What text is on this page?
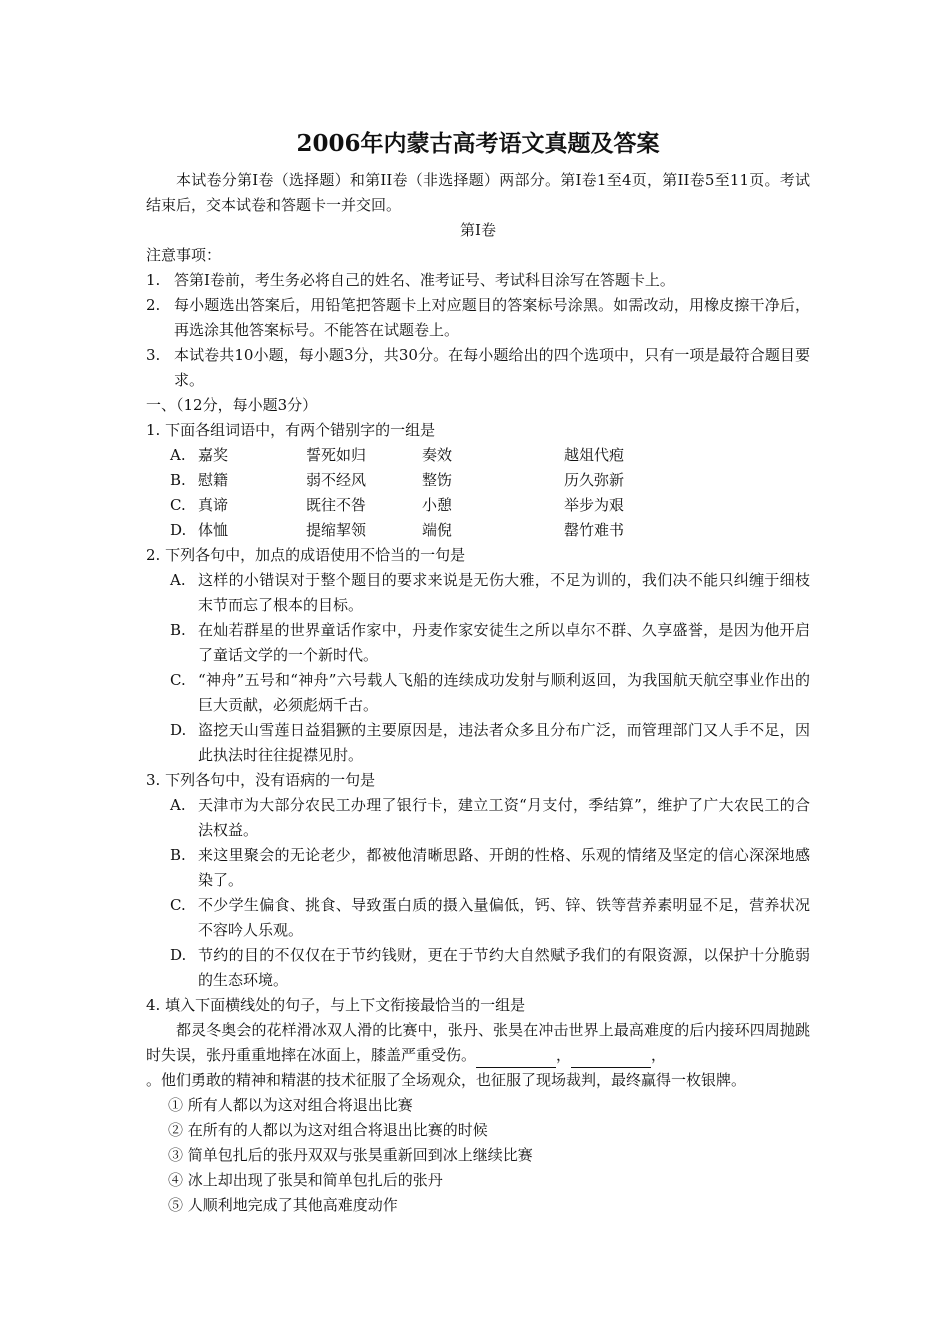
2006年内蒙古高考语文真题及答案

本试卷分第Ⅰ卷（选择题）和第II卷（非选择题）两部分。第Ⅰ卷1至4页，第II卷5至11页。考试结束后，交本试卷和答题卡一并交回。

第Ⅰ卷

注意事项：

1. 答第Ⅰ卷前，考生务必将自己的姓名、准考证号、考试科目涂写在答题卡上。
2. 每小题选出答案后，用铅笔把答题卡上对应题目的答案标号涂黑。如需改动，用橡皮擦干净后，再选涂其他答案标号。不能答在试题卷上。
3. 本试卷共10小题，每小题3分，共30分。在每小题给出的四个选项中，只有一项是最符合题目要求。

一、（12分，每小题3分）

1. 下面各组词语中，有两个错别字的一组是

A. 嘉奖	誓死如归	奏效	越俎代疱
B. 慰籍	弱不经风	整饬	历久弥新
C. 真谛	既往不咎	小憩	举步为艰
D. 体恤	提缩挈领	端倪	罄竹难书

2. 下列各句中，加点的成语使用不恰当的一句是

A. 这样的小错误对于整个题目的要求来说是无伤大雅，不足为训的，我们决不能只纠缠于细枝末节而忘了根本的目标。
B. 在灿若群星的世界童话作家中，丹麦作家安徒生之所以卓尔不群、久享盛誉，是因为他开启了童话文学的一个新时代。
C. “神舟”五号和“神舟”六号载人飞船的连续成功发射与顺利返回，为我国航天航空事业作出的巨大贡献，必须彪炳千古。
D. 盗挖天山雪莲日益猖獗的主要原因是，违法者众多且分布广泛，而管理部门又人手不足，因此执法时往往捉襟见肘。

3. 下列各句中，没有语病的一句是

A. 天津市为大部分农民工办理了银行卡，建立工资“月支付，季结算”，维护了广大农民工的合法权益。
B. 来这里聚会的无论老少，都被他清晰思路、开朗的性格、乐观的情绪及坚定的信心深深地感染了。
C. 不少学生偏食、挑食、导致蛋白质的摄入量偏低，钙、锌、铁等营养素明显不足，营养状况不容吟人乐观。
D. 节约的目的不仅仅在于节约钱财，更在于节约大自然赋予我们的有限资源，以保护十分脆弱的生态环境。

4. 填入下面横线处的句子，与上下文衔接最恰当的一组是

都灵冬奥会的花样滑冰双人滑的比赛中，张丹、张昊在冲击世界上最高难度的后内接环四周抛跳时失误，张丹重重地摔在冰面上，膝盖严重受伤。	，	，

。他们勇敢的精神和精湛的技术征服了全场观众，也征服了现场裁判，最终赢得一枚银牌。

① 所有人都以为这对组合将退出比赛

② 在所有的人都以为这对组合将退出比赛的时候

③ 简单包扎后的张丹双双与张昊重新回到冰上继续比赛

④ 冰上却出现了张昊和简单包扎后的张丹

⑤ 人顺利地完成了其他高难度动作
